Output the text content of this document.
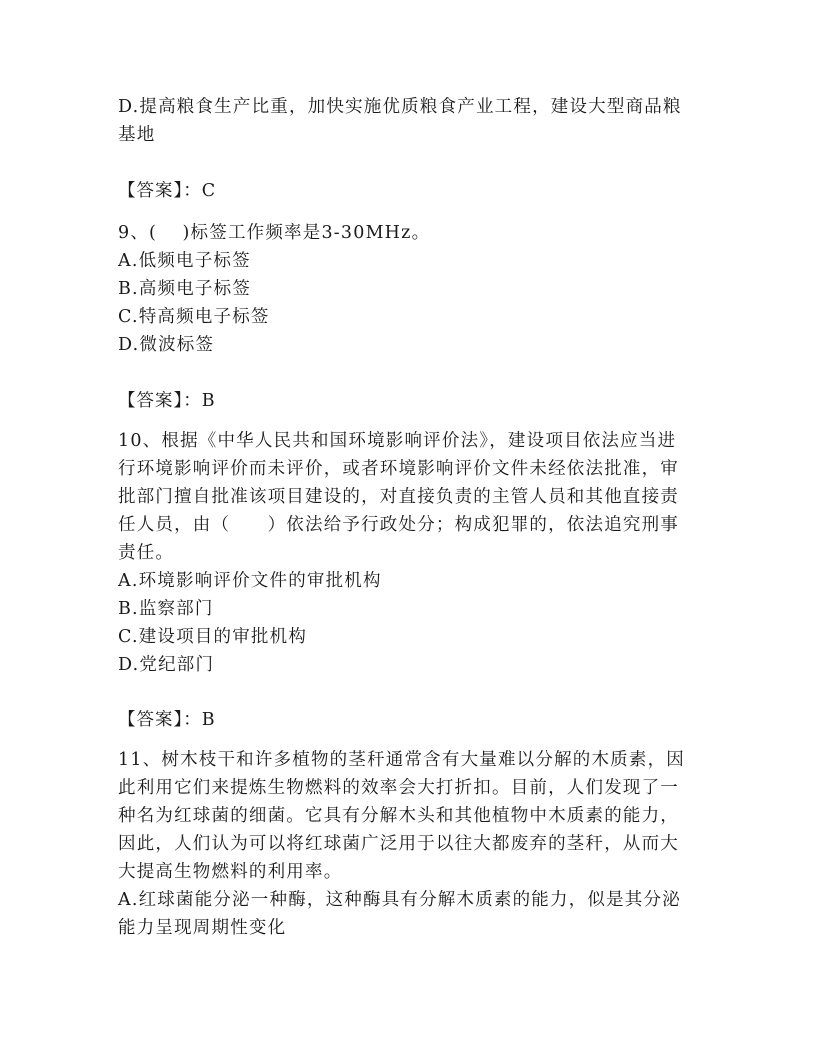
D.提高粮食生产比重，加快实施优质粮食产业工程，建设大型商品粮
基地
【答案】：C
9、(　 )标签工作频率是3-30MHz。
A.低频电子标签
B.高频电子标签
C.特高频电子标签
D.微波标签
【答案】：B
10、根据《中华人民共和国环境影响评价法》，建设项目依法应当进
行环境影响评价而未评价，或者环境影响评价文件未经依法批准，审
批部门擅自批准该项目建设的，对直接负责的主管人员和其他直接责
任人员，由（　　）依法给予行政处分；构成犯罪的，依法追究刑事
责任。
A.环境影响评价文件的审批机构
B.监察部门
C.建设项目的审批机构
D.党纪部门
【答案】：B
11、树木枝干和许多植物的茎秆通常含有大量难以分解的木质素，因
此利用它们来提炼生物燃料的效率会大打折扣。目前，人们发现了一
种名为红球菌的细菌。它具有分解木头和其他植物中木质素的能力，
因此，人们认为可以将红球菌广泛用于以往大都废弃的茎秆，从而大
大提高生物燃料的利用率。
A.红球菌能分泌一种酶，这种酶具有分解木质素的能力，似是其分泌
能力呈现周期性变化
